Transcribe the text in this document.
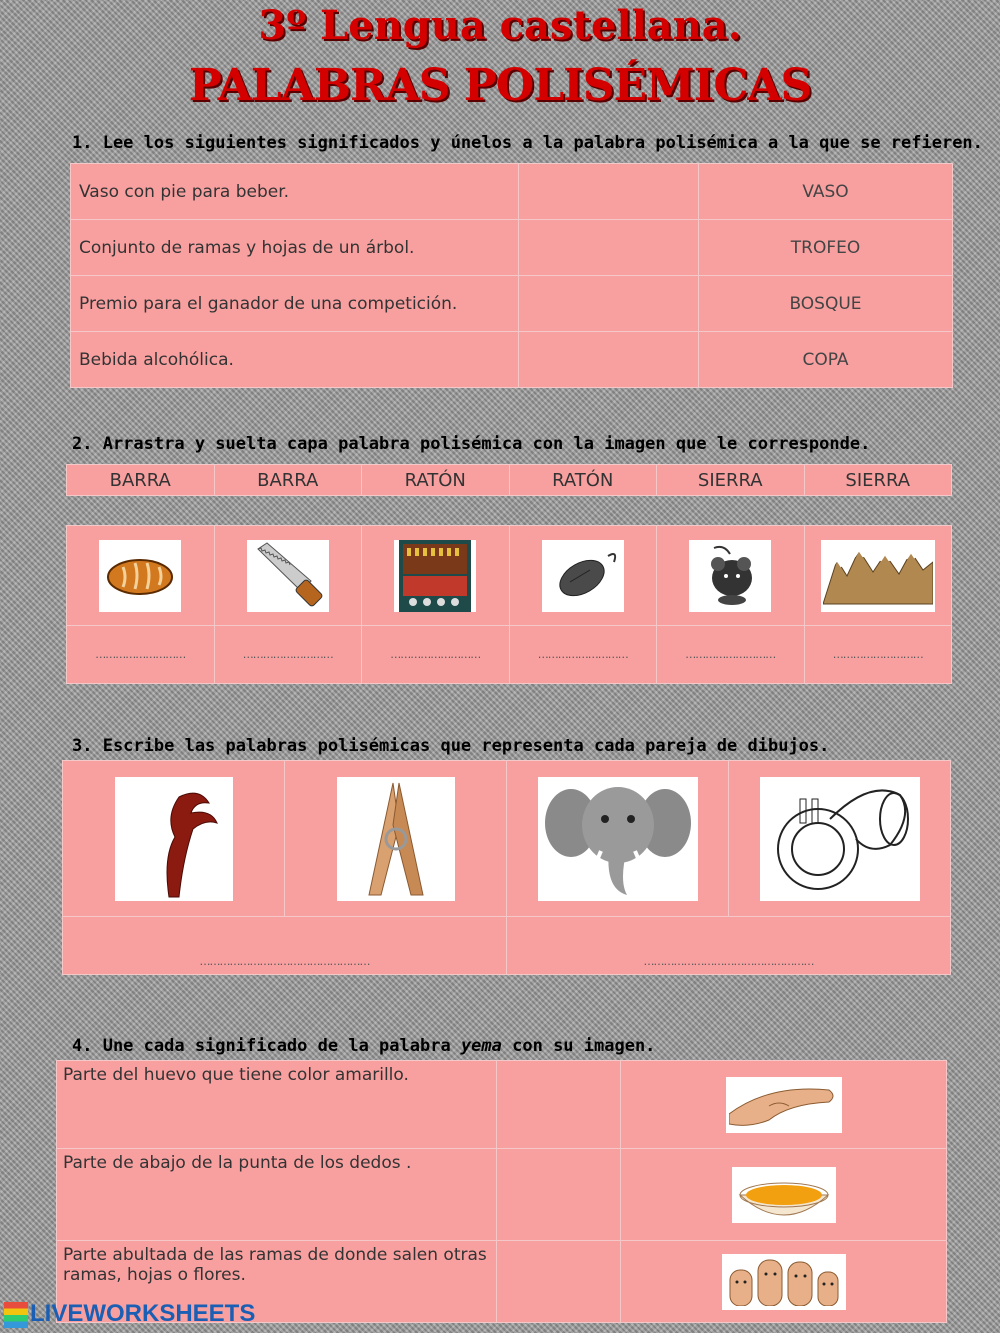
3º Lengua castellana.
PALABRAS POLISÉMICAS
1. Lee los siguientes significados y únelos a la palabra polisémica a la que se refieren.
Vaso con pie para beber.		VASO
Conjunto de ramas y hojas de un árbol.		TROFEO
Premio para el ganador de una competición.		BOSQUE
Bebida alcohólica.		COPA
2. Arrastra y suelta capa palabra polisémica con la imagen que le corresponde.
BARRA	BARRA	RATÓN	RATÓN	SIERRA	SIERRA

………………………	………………………	………………………	………………………	………………………	………………………
3. Escribe las palabras polisémicas que representa cada pareja de dibujos.

……………………………………………		……………………………………………	
4. Une cada significado de la palabra yema con su imagen.
Parte del huevo que tiene color amarillo.		

Parte de abajo de la punta de los dedos .		

Parte abultada de las ramas de donde salen otras ramas, hojas o flores.		
LIVEWORKSHEETS
